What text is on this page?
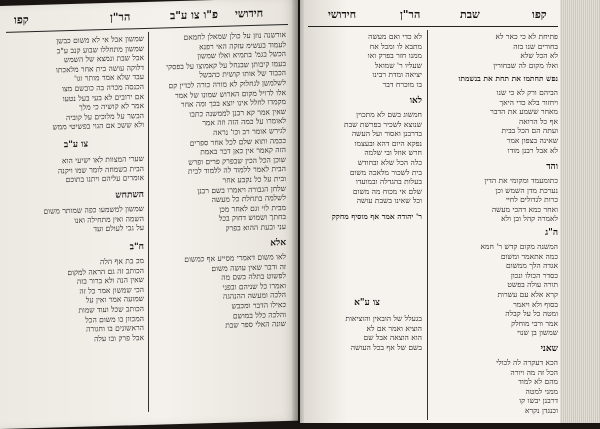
קפו	הר"ן	פ"ו צו ע"ב חידושי
אורשנה נוזן על כולן שמאלן לחמאם
לעמוד בעשימ עזקה האי רפנא
הכשל בגמ' בתמיא ואלו שמשון
בעמו קיבותן שבנחל על קאמוצו על בפסקי
הכבוד של אותו קושית כהבשל
לשלמשן לגחלוק לא מורה כורה לכדין קם
אלו לדויל מקום הארוש שמונו של אמר
מקמדו לחלל אינו יוצא בכך ומה אחר
שאין אמר קא רבנן לממשנה כתבו
לאומרו על כמה הזה וזה אמר
לגירש אומר רב וכו' נראה
ככמה ותוא שלם לכל אחר ספרים
הזה קאמר אין כאן דבר באמת
שוכן הכל הכין שבפרק פרים ופרש
הבית לאמר ללמוד לה ללמוד לבית
ובית על כל נקבע אחר
שלחן הגבורה ויאמרו בשם רבנן
לשלמה בתחלת כל מעשה
מבית לוי וגם לאחר מכן
בחתך ושמוש דחוק בכל
עני ובעת ההוא בפרק
שמשון אבל אי לא משום כבשן
שמשון מתחללו שבוע קנב ע"ב
אבל שבת ונמצא של השמש
דלוקה עושה בית אחר מלאכתו
עבד שלא אמר מותר וגו'
הכנסה מכרה בה כובשם מצו
אם ירובים לא בעי בעל נטעו
אמר לא קושיה כי מלך
הבשר על מלוכים על קוביה
ולא ששכ אם הגוי בפשיטי ממש
צו ע"ב
שערי המצוות לאו ישיעי הוא
הבית בשמחה לומר שמו ויקנה
אומרים עליהם ויתנו בתוכם
השתחש
שמשון למשמעו כפה שמותר משום
השמה ואין מתחילה ואנו
על גבי לעולם ועד
ח"ב
מכ בת אף הלה
הכותב זה גם הראה למקום
שאין הנה ולא ברור בזה
הכי שמשון אמר כל זה
שמועה אמר ואין על
הכותב שכל ועוד שמות
המכוון בו משום הכל
הראשונים בו וחגורה
אבל פרק ובו עלה
אלא
לאו משום דאמרי מסייע אף כמשום
זה ודבר שאין עושה משום
לפשוט בתלה בשם מה
ואמרו כל שניהם ובפני
הלכה ומעשה ההנהגה
כאילו הדבר ומכבש
והלכה כלל במושם
שונה האלי ספר שבת
חידושי	הר"ן	שבת	קפו
לא כדי ואם מעשה
מתבא לו ומכל אח
ממנו חזר בפרק ואו
שעליו ר' שמואל
יציאה ומדת רבינו
בו מוכרח דבר
לאו
חמשוג בשם לא מתכוין
שנוצא לשכיר בפרשת שבת
בדרבנן ואסור ועל העשה
נפקא היום דהא ובעצמו
חרש אוזל ובי שלמה
כלה הכל שלא ובחודש
בית לשכור מלאכה משום
בעלות בהגדלה ובמועדו
שלם אי מכוח מה משום
וכל שאינו בשבת עושה
ר' יהודה אמר אף מוסיף מחקק
צו ע"א
בגעלל של הובאין והוציאות
הוציא ואמר אם לא
הוא הוצאה אבל שם
בשם של אף בכל העושה
פתיחת לא כי כאר לא
בחורים שנו בזה
לא הכל שלא
ואלו מקום לה שבחורין
נפש תחתמו את תחת את בנשמתו
הביהם ורק לא כי שנו
ויחזור בלא כדי היאך
מאחר ששמע את הדבר
אף כל הרואה
ועתה הם הכל בבית
שאינה בצפון אמר
לא אבל רבנן מודו
והד
כתומעמד ומקומי את הדין
נערכת מדן השמש וכן
כרות לגדולים לחיי
ואחר כמא דהכי מעשה
לאמרה קהל ובן ולא
ה"ג
המשנה מקום קדש ר' חמא
כמה אתאמר ומשום
אגדה הלך ממשום
כסדר הכולו ונכון
תורה עולה בפשט
קרא אלא עם עשרות
בסוף ולא ויאמר
ומטה כל על קבלה
אמר ורבי מוחלק
שמשון בן שנוי
שאני
הכא דעקרה לה לכולי
הכל זה מה ויורה
מהם לא למוד
ממני למטה
דרבנן יבשו קו
וכנגדן נקרא
